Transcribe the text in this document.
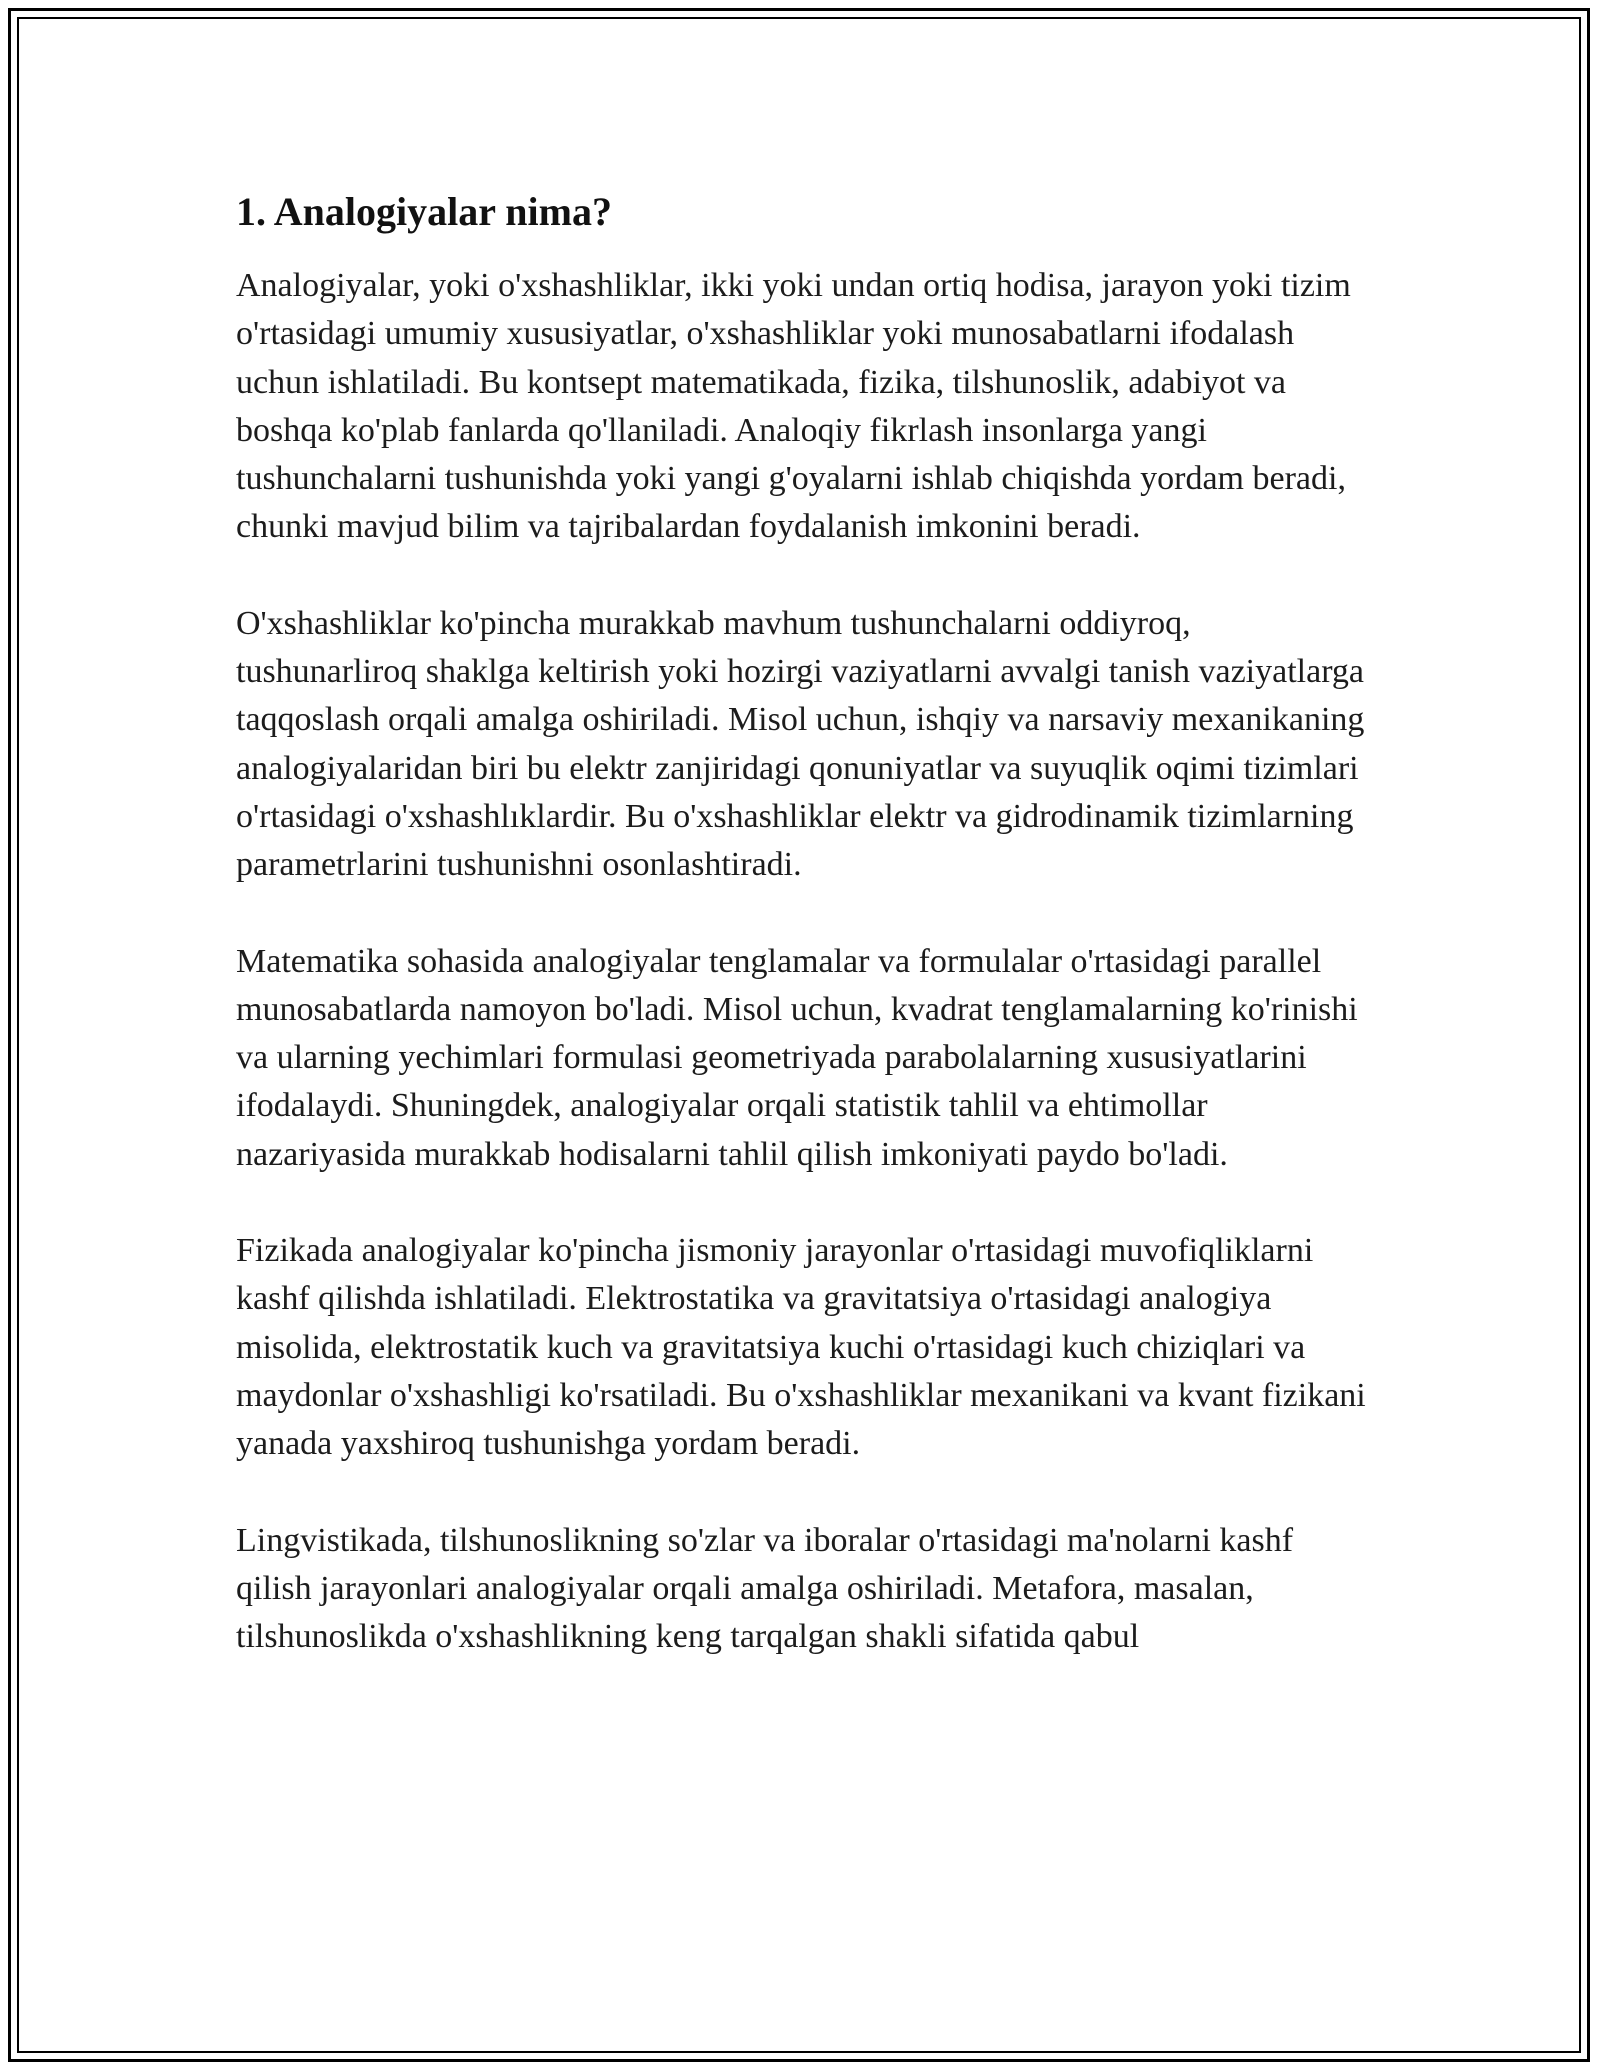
1. Analogiyalar nima?

Analogiyalar, yoki o'xshashliklar, ikki yoki undan ortiq hodisa, jarayon yoki tizim o'rtasidagi umumiy xususiyatlar, o'xshashliklar yoki munosabatlarni ifodalash uchun ishlatiladi. Bu kontsept matematikada, fizika, tilshunoslik, adabiyot va boshqa ko'plab fanlarda qo'llaniladi. Analoqiy fikrlash insonlarga yangi tushunchalarni tushunishda yoki yangi g'oyalarni ishlab chiqishda yordam beradi, chunki mavjud bilim va tajribalardan foydalanish imkonini beradi.

O'xshashliklar ko'pincha murakkab mavhum tushunchalarni oddiyroq, tushunarliroq shaklga keltirish yoki hozirgi vaziyatlarni avvalgi tanish vaziyatlarga taqqoslash orqali amalga oshiriladi. Misol uchun, ishqiy va narsaviy mexanikaning analogiyalaridan biri bu elektr zanjiridagi qonuniyatlar va suyuqlik oqimi tizimlari o'rtasidagi o'xshashlıklardir. Bu o'xshashliklar elektr va gidrodinamik tizimlarning parametrlarini tushunishni osonlashtiradi.

Matematika sohasida analogiyalar tenglamalar va formulalar o'rtasidagi parallel munosabatlarda namoyon bo'ladi. Misol uchun, kvadrat tenglamalarning ko'rinishi va ularning yechimlari formulasi geometriyada parabolalarning xususiyatlarini ifodalaydi. Shuningdek, analogiyalar orqali statistik tahlil va ehtimollar nazariyasida murakkab hodisalarni tahlil qilish imkoniyati paydo bo'ladi.

Fizikada analogiyalar ko'pincha jismoniy jarayonlar o'rtasidagi muvofiqliklarni kashf qilishda ishlatiladi. Elektrostatika va gravitatsiya o'rtasidagi analogiya misolida, elektrostatik kuch va gravitatsiya kuchi o'rtasidagi kuch chiziqlari va maydonlar o'xshashligi ko'rsatiladi. Bu o'xshashliklar mexanikani va kvant fizikani yanada yaxshiroq tushunishga yordam beradi.

Lingvistikada, tilshunoslikning so'zlar va iboralar o'rtasidagi ma'nolarni kashf qilish jarayonlari analogiyalar orqali amalga oshiriladi. Metafora, masalan, tilshunoslikda o'xshashlikning keng tarqalgan shakli sifatida qabul
